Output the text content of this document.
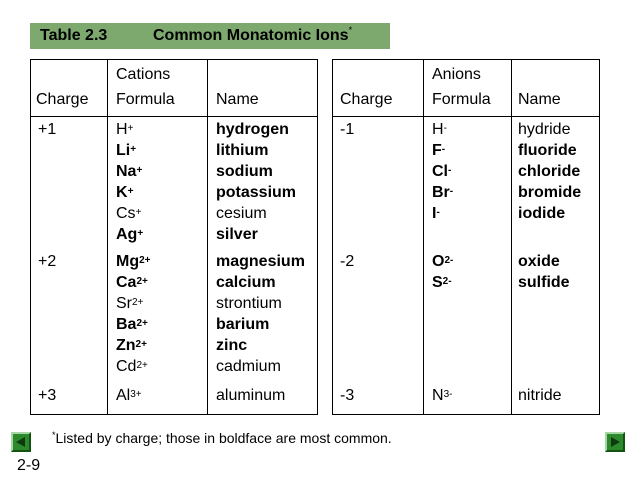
Table 2.3	Common Monatomic Ions*
Cations
Charge Formula	Name
+1	H+	hydrogen
Li+	lithium
Na+	sodium
K+	potassium
Cs+	cesium
Ag+	silver
+2	$Mg^{2+}$	magnesium
$Ca^{2+}$	calcium
$Sr^{2+}$	strontium
$Ba^{2+}$	barium
$Zn^{2+}$	zinc
$Cd^{2+}$	cadmium
+3	$Al^{3+}$	aluminum
Anions
Charge Formula Name
-1	H-	hydride
F-	fluoride
Cl-	chloride
Br-	bromide
I-	iodide
-2	$O^{2-}$	oxide
$S^{2-}$	sulfide
-3	$N^{3-}$	nitride
*Listed by charge; those in boldface are most common.
2-9
